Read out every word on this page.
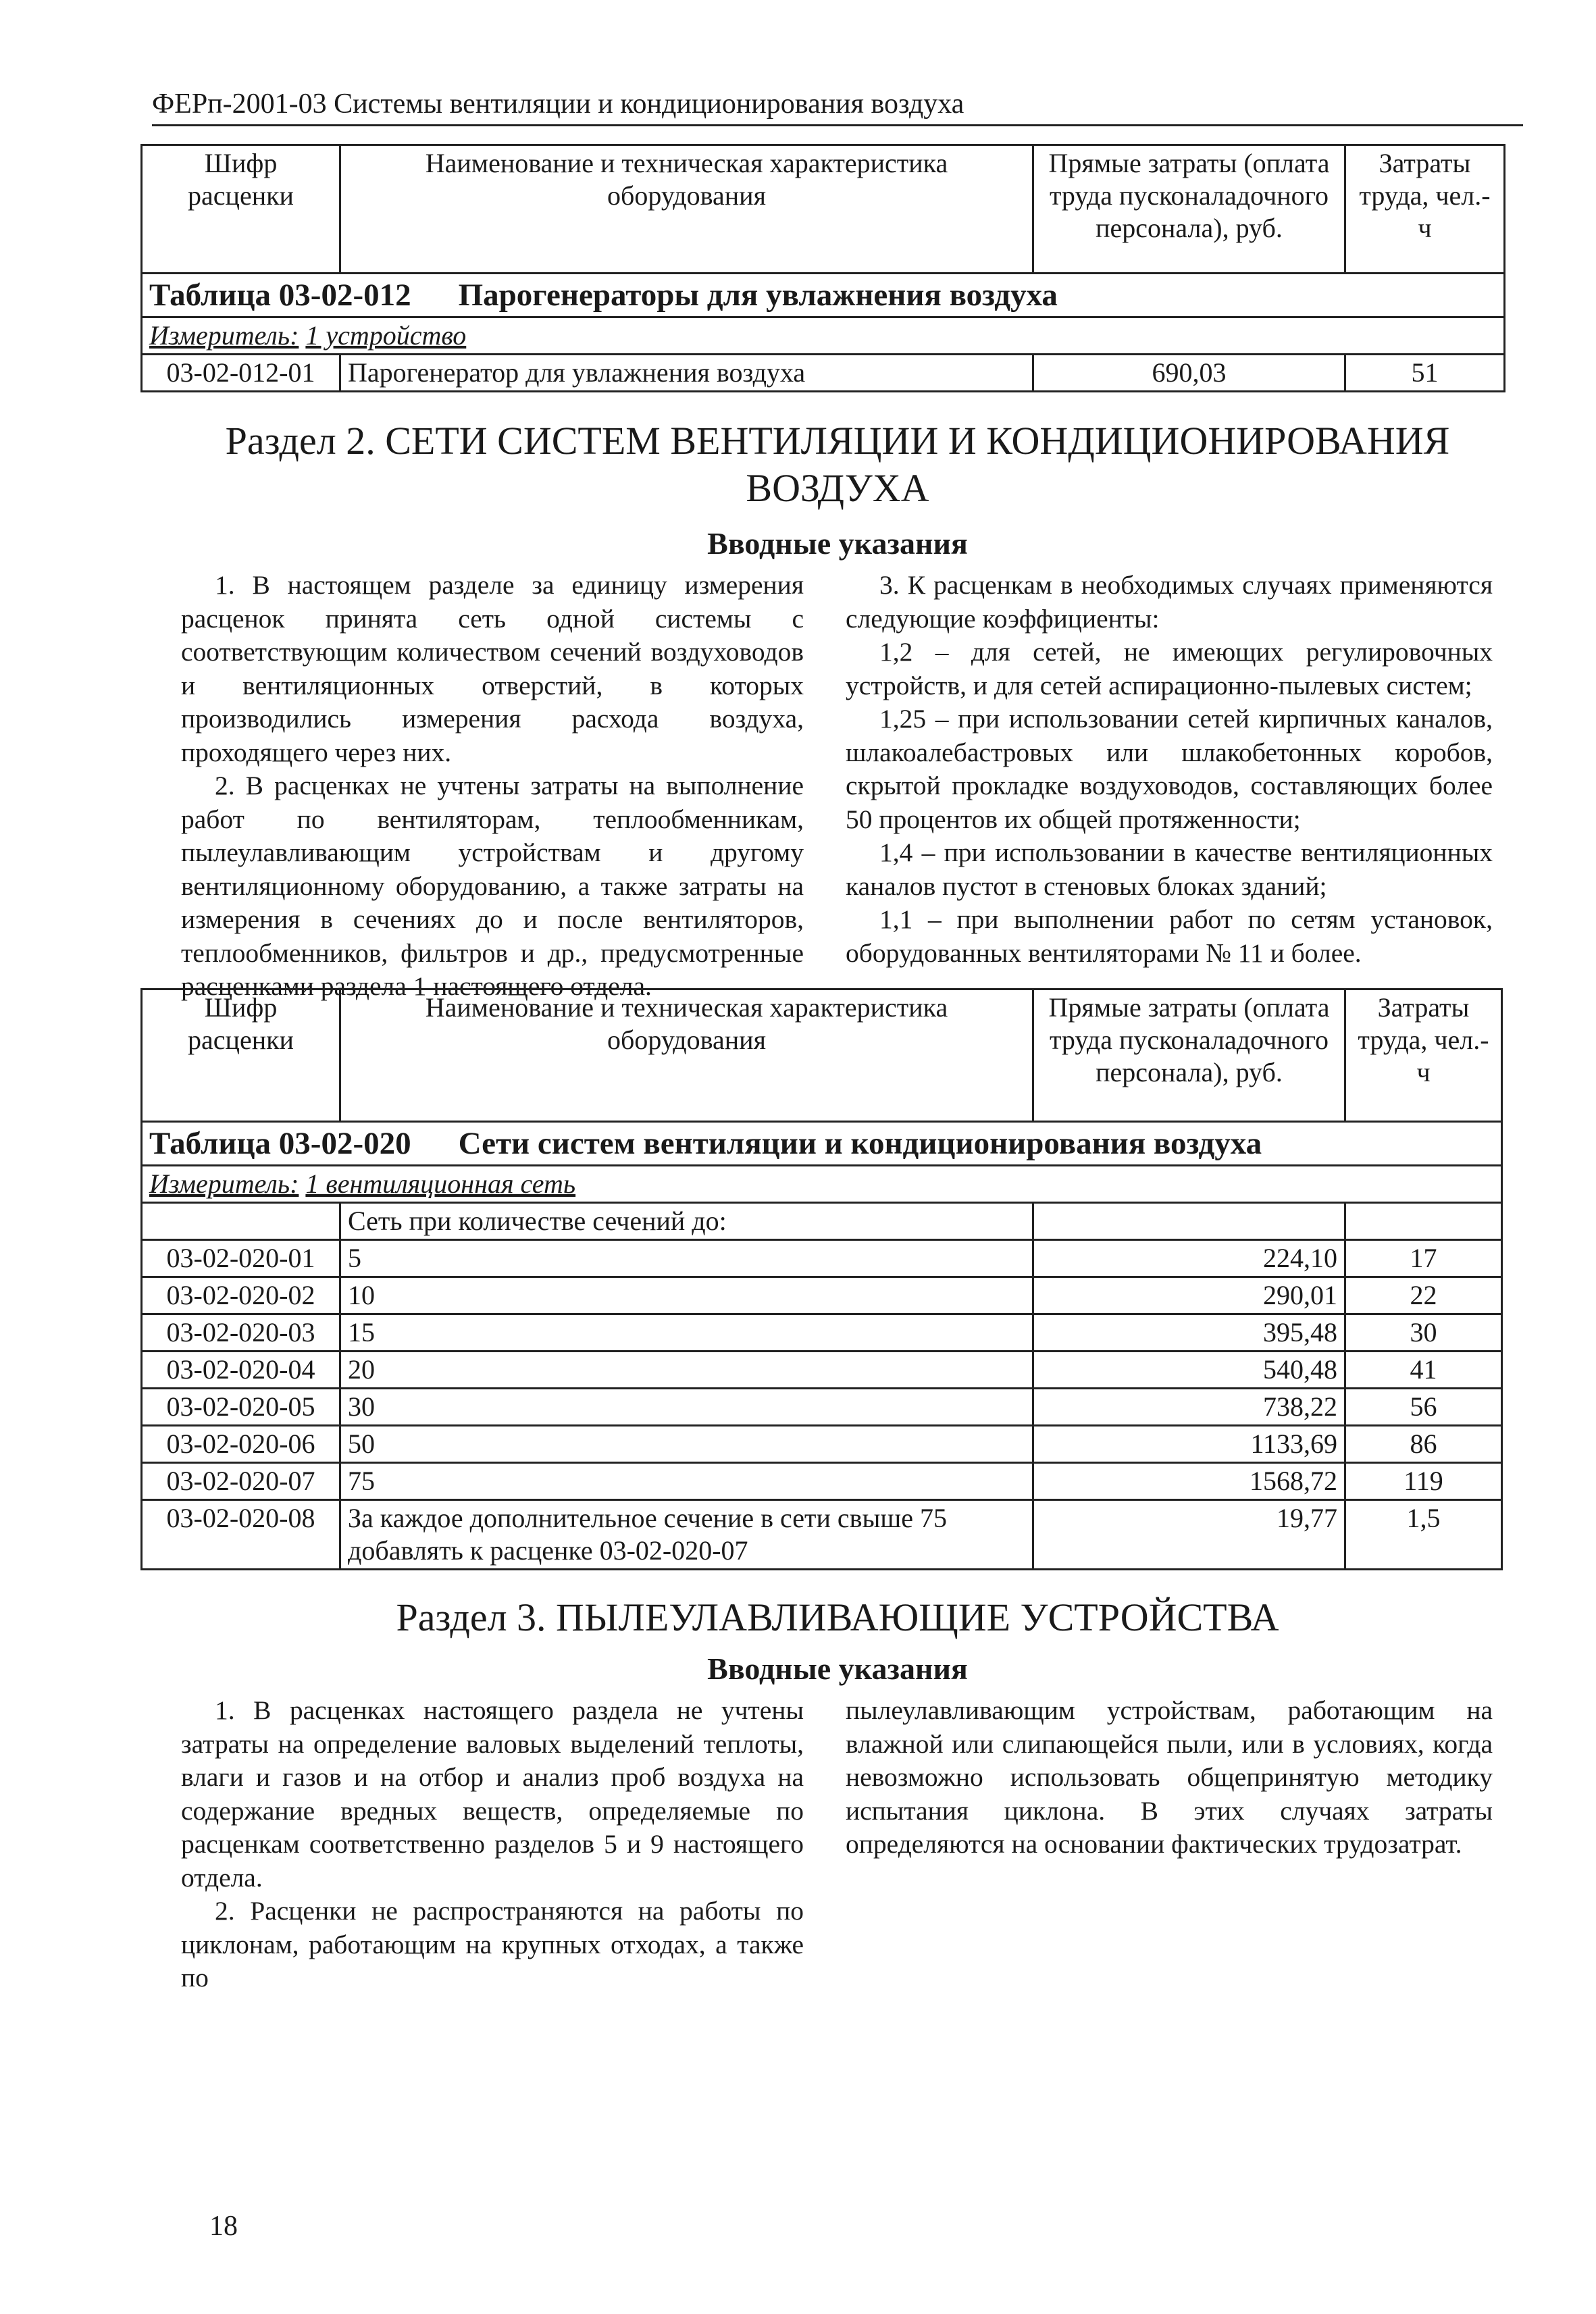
ФЕРп-2001-03 Системы вентиляции и кондиционирования воздуха
Шифр расценки	Наименование и техническая характеристика оборудования	Прямые затраты (оплата труда пусконаладочного персонала), руб.	Затраты труда, чел.-ч
Таблица 03-02-012 Парогенераторы для увлажнения воздуха			
Измеритель: 1 устройство			
03-02-012-01	Парогенератор для увлажнения воздуха	690,03	51
Раздел 2. СЕТИ СИСТЕМ ВЕНТИЛЯЦИИ И КОНДИЦИОНИРОВАНИЯ ВОЗДУХА
Вводные указания

1. В настоящем разделе за единицу измерения расценок принята сеть одной системы с соответствующим количеством сечений воздуховодов и вентиляционных отверстий, в которых производились измерения расхода воздуха, проходящего через них.

2. В расценках не учтены затраты на выполнение работ по вентиляторам, теплообменникам, пылеулавливающим устройствам и другому вентиляционному оборудованию, а также затраты на измерения в сечениях до и после вентиляторов, теплообменников, фильтров и др., предусмотренные расценками раздела 1 настоящего отдела.

3. К расценкам в необходимых случаях применяются следующие коэффициенты:

1,2 – для сетей, не имеющих регулировочных устройств, и для сетей аспирационно-пылевых систем;

1,25 – при использовании сетей кирпичных каналов, шлакоалебастровых или шлакобетонных коробов, скрытой прокладке воздуховодов, составляющих более 50 процентов их общей протяженности;

1,4 – при использовании в качестве вентиляционных каналов пустот в стеновых блоках зданий;

1,1 – при выполнении работ по сетям установок, оборудованных вентиляторами № 11 и более.

Шифр расценки	Наименование и техническая характеристика оборудования	Прямые затраты (оплата труда пусконаладочного персонала), руб.	Затраты труда, чел.-ч
Таблица 03-02-020 Сети систем вентиляции и кондиционирования воздуха			
Измеритель: 1 вентиляционная сеть			
	Сеть при количестве сечений до:		
03-02-020-01	5	224,10	17
03-02-020-02	10	290,01	22
03-02-020-03	15	395,48	30
03-02-020-04	20	540,48	41
03-02-020-05	30	738,22	56
03-02-020-06	50	1133,69	86
03-02-020-07	75	1568,72	119
03-02-020-08	За каждое дополнительное сечение в сети свыше 75 добавлять к расценке 03-02-020-07	19,77	1,5
Раздел 3. ПЫЛЕУЛАВЛИВАЮЩИЕ УСТРОЙСТВА
Вводные указания

1. В расценках настоящего раздела не учтены затраты на определение валовых выделений теплоты, влаги и газов и на отбор и анализ проб воздуха на содержание вредных веществ, определяемые по расценкам соответственно разделов 5 и 9 настоящего отдела.

2. Расценки не распространяются на работы по циклонам, работающим на крупных отходах, а также по

пылеулавливающим устройствам, работающим на влажной или слипающейся пыли, или в условиях, когда невозможно использовать общепринятую методику испытания циклона. В этих случаях затраты определяются на основании фактических трудозатрат.

18
